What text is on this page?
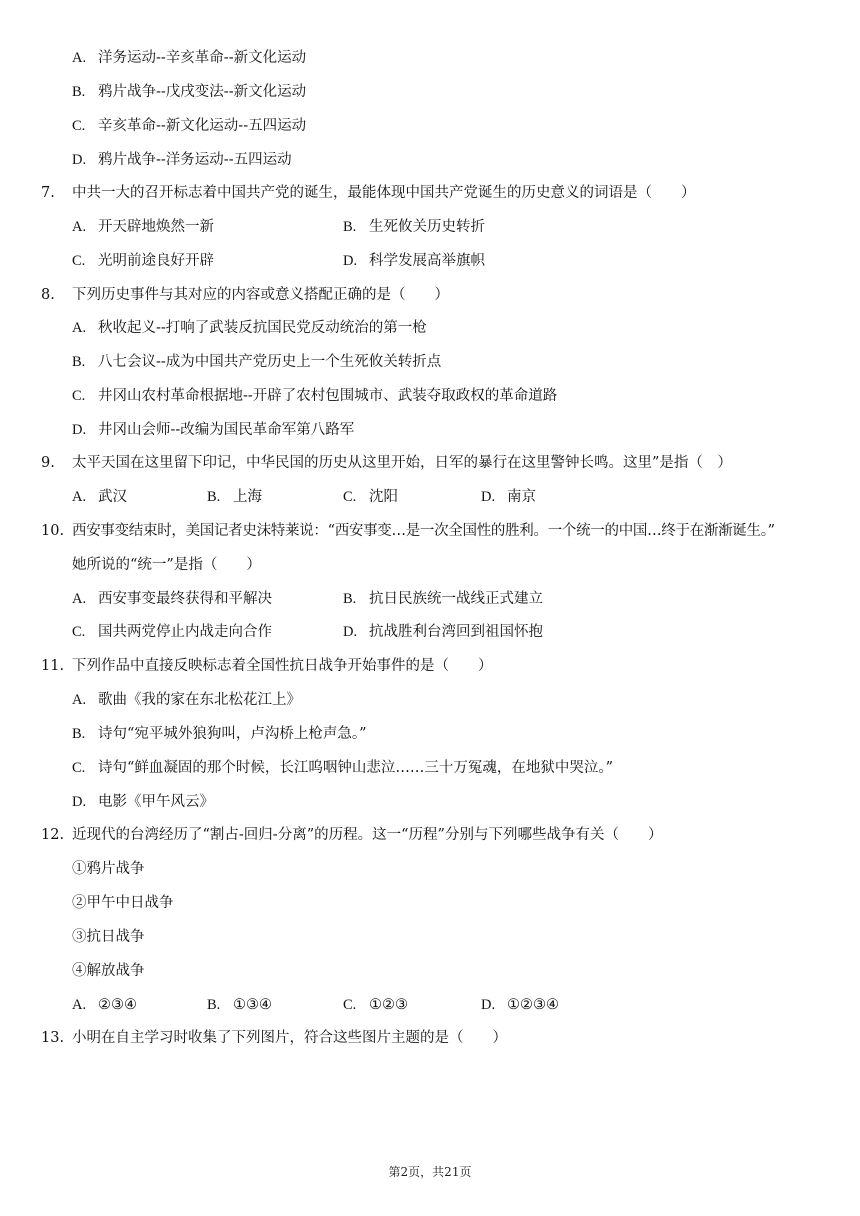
A. 洋务运动--辛亥革命--新文化运动
B. 鸦片战争--戊戌变法--新文化运动
C. 辛亥革命--新文化运动--五四运动
D. 鸦片战争--洋务运动--五四运动
7. 中共一大的召开标志着中国共产党的诞生，最能体现中国共产党诞生的历史意义的词语是（　　）
A. 开天辟地焕然一新	B. 生死攸关历史转折
C. 光明前途良好开辟	D. 科学发展高举旗帜
8. 下列历史事件与其对应的内容或意义搭配正确的是（　　）
A. 秋收起义--打响了武装反抗国民党反动统治的第一枪
B. 八七会议--成为中国共产党历史上一个生死攸关转折点
C. 井冈山农村革命根据地--开辟了农村包围城市、武装夺取政权的革命道路
D. 井冈山会师--改编为国民革命军第八路军
9. 太平天国在这里留下印记，中华民国的历史从这里开始，日军的暴行在这里警钟长鸣。这里”是指（　）
A. 武汉	B. 上海	C. 沈阳	D. 南京
10. 西安事变结束时，美国记者史沫特莱说：“西安事变…是一次全国性的胜利。一个统一的中国…终于在渐渐诞生。”
她所说的“统一”是指（　　）
A. 西安事变最终获得和平解决	B. 抗日民族统一战线正式建立
C. 国共两党停止内战走向合作	D. 抗战胜利台湾回到祖国怀抱
11. 下列作品中直接反映标志着全国性抗日战争开始事件的是（　　）
A. 歌曲《我的家在东北松花江上》
B. 诗句“宛平城外狼狗叫，卢沟桥上枪声急。”
C. 诗句“鲜血凝固的那个时候，长江呜咽钟山悲泣……三十万冤魂，在地狱中哭泣。”
D. 电影《甲午风云》
12. 近现代的台湾经历了“割占-回归-分离”的历程。这一“历程”分别与下列哪些战争有关（　　）
①鸦片战争
②甲午中日战争
③抗日战争
④解放战争
A. ②③④	B. ①③④	C. ①②③	D. ①②③④
13. 小明在自主学习时收集了下列图片，符合这些图片主题的是（　　）
第2页，共21页
